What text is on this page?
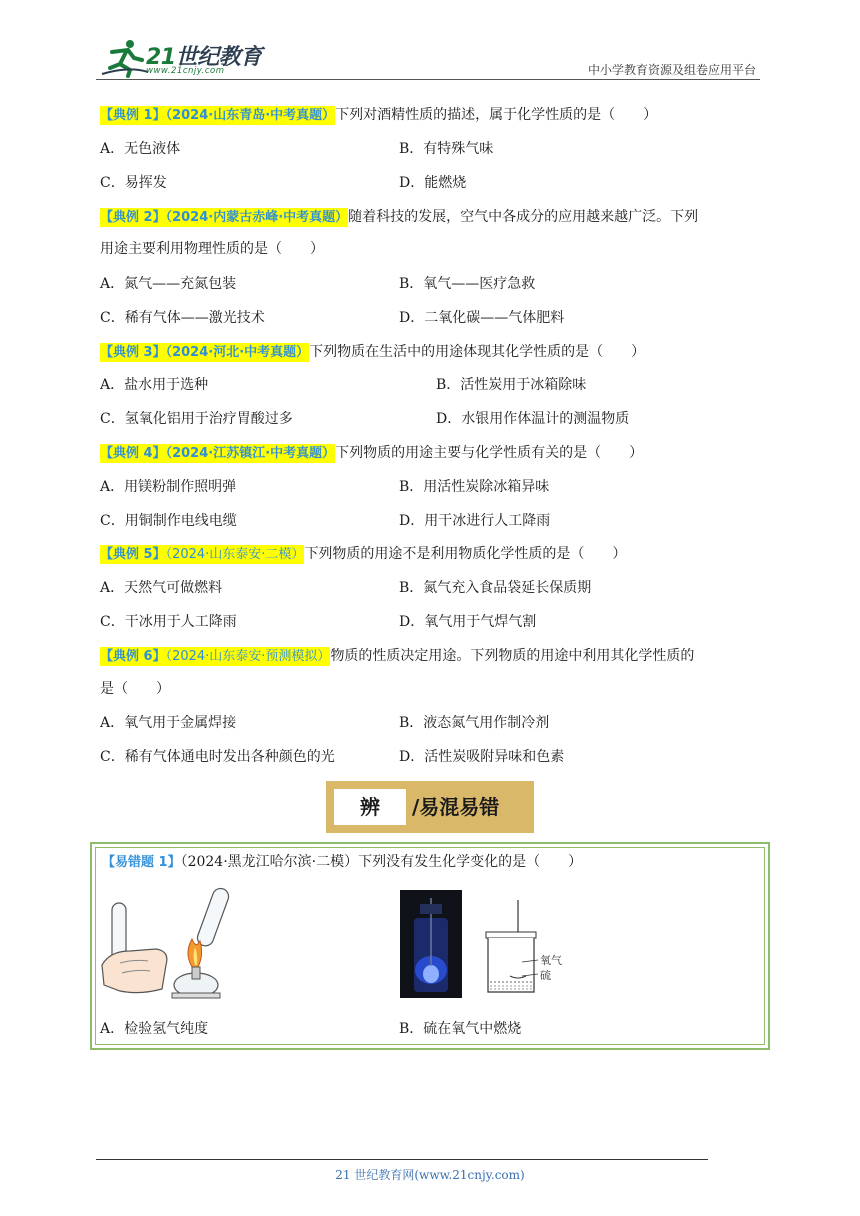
21世纪教育
www.21cnjy.com	中小学教育资源及组卷应用平台
【典例 1】（2024·山东青岛·中考真题）下列对酒精性质的描述，属于化学性质的是（　　）
A．无色液体	B．有特殊气味
C．易挥发	D．能燃烧
【典例 2】（2024·内蒙古赤峰·中考真题）随着科技的发展，空气中各成分的应用越来越广泛。下列
用途主要利用物理性质的是（　　）
A．氮气——充氮包装	B．氧气——医疗急救
C．稀有气体——激光技术	D．二氧化碳——气体肥料
【典例 3】（2024·河北·中考真题）下列物质在生活中的用途体现其化学性质的是（　　）
A．盐水用于选种	B．活性炭用于冰箱除味
C．氢氧化铝用于治疗胃酸过多	D．水银用作体温计的测温物质
【典例 4】（2024·江苏镇江·中考真题）下列物质的用途主要与化学性质有关的是（　　）
A．用镁粉制作照明弹	B．用活性炭除冰箱异味
C．用铜制作电线电缆	D．用干冰进行人工降雨
【典例 5】（2024·山东泰安·二模）下列物质的用途不是利用物质化学性质的是（　　）
A．天然气可做燃料	B．氮气充入食品袋延长保质期
C．干冰用于人工降雨	D．氧气用于气焊气割
【典例 6】（2024·山东泰安·预测模拟）物质的性质决定用途。下列物质的用途中利用其化学性质的
是（　　）
A．氧气用于金属焊接	B．液态氮气用作制冷剂
C．稀有气体通电时发出各种颜色的光	D．活性炭吸附异味和色素
辨	/易混易错
【易错题 1】（2024·黑龙江哈尔滨·二模）下列没有发生化学变化的是（　　）
氧气
硫
A．检验氢气纯度	B．硫在氧气中燃烧
21 世纪教育网(www.21cnjy.com)
